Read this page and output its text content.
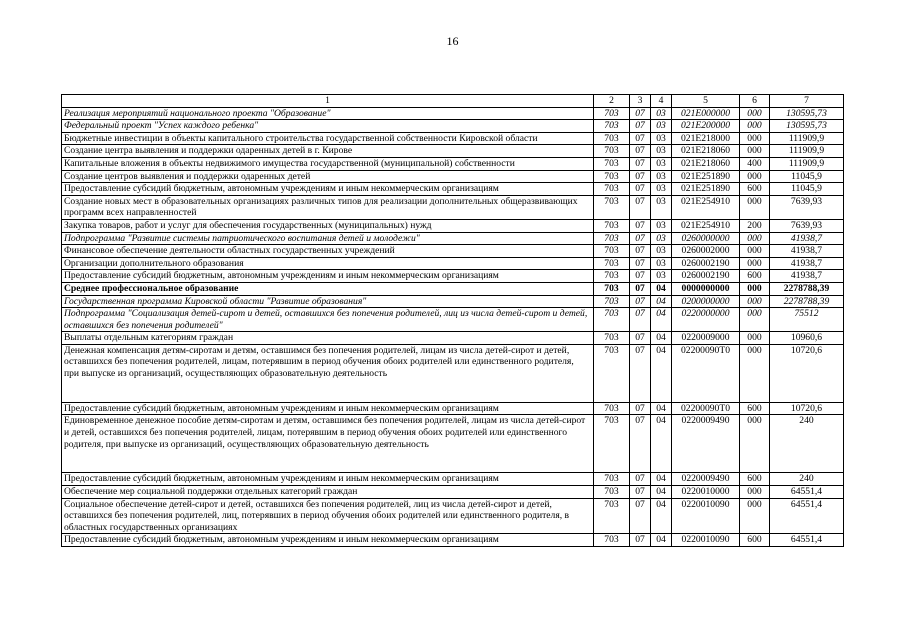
16
1	2	3	4	5	6	7
Реализация мероприятий национального проекта "Образование"	703	07	03	021E000000	000	130595,73
Федеральный проект "Успех каждого ребенка"	703	07	03	021E200000	000	130595,73
Бюджетные инвестиции в объекты капитального строительства государственной собственности Кировской области	703	07	03	021E218000	000	111909,9
Создание центра выявления и поддержки одаренных детей в г. Кирове	703	07	03	021E218060	000	111909,9
Капитальные вложения в объекты недвижимого имущества государственной (муниципальной) собственности	703	07	03	021E218060	400	111909,9
Создание центров выявления и поддержки одаренных детей	703	07	03	021E251890	000	11045,9
Предоставление субсидий бюджетным, автономным учреждениям и иным некоммерческим организациям	703	07	03	021E251890	600	11045,9
Создание новых мест в образовательных организациях различных типов для реализации дополнительных общеразвивающих программ всех направленностей	703	07	03	021E254910	000	7639,93
Закупка товаров, работ и услуг для обеспечения государственных (муниципальных) нужд	703	07	03	021E254910	200	7639,93
Подпрограмма "Развитие системы патриотического воспитания детей и молодежи"	703	07	03	0260000000	000	41938,7
Финансовое обеспечение деятельности областных государственных учреждений	703	07	03	0260002000	000	41938,7
Организации дополнительного образования	703	07	03	0260002190	000	41938,7
Предоставление субсидий бюджетным, автономным учреждениям и иным некоммерческим организациям	703	07	03	0260002190	600	41938,7
Среднее профессиональное образование	703	07	04	0000000000	000	2278788,39
Государственная программа Кировской области "Развитие образования"	703	07	04	0200000000	000	2278788,39
Подпрограмма "Социализация детей-сирот и детей, оставшихся без попечения родителей, лиц из числа детей-сирот и детей, оставшихся без попечения родителей"	703	07	04	0220000000	000	75512
Выплаты отдельным категориям граждан	703	07	04	0220009000	000	10960,6
Денежная компенсация детям-сиротам и детям, оставшимся без попечения родителей, лицам из числа детей-сирот и детей, оставшихся без попечения родителей, лицам, потерявшим в период обучения обоих родителей или единственного родителя, при выпуске из организаций, осуществляющих образовательную деятельность	703	07	04	02200090Т0	000	10720,6
Предоставление субсидий бюджетным, автономным учреждениям и иным некоммерческим организациям	703	07	04	02200090Т0	600	10720,6
Единовременное денежное пособие детям-сиротам и детям, оставшимся без попечения родителей, лицам из числа детей-сирот и детей, оставшихся без попечения родителей, лицам, потерявшим в период обучения обоих родителей или единственного родителя, при выпуске из организаций, осуществляющих образовательную деятельность	703	07	04	0220009490	000	240
Предоставление субсидий бюджетным, автономным учреждениям и иным некоммерческим организациям	703	07	04	0220009490	600	240
Обеспечение мер социальной поддержки отдельных категорий граждан	703	07	04	0220010000	000	64551,4
Социальное обеспечение детей-сирот и детей, оставшихся без попечения родителей, лиц из числа детей-сирот и детей, оставшихся без попечения родителей, лиц, потерявших в период обучения обоих родителей или единственного родителя, в областных государственных организациях	703	07	04	0220010090	000	64551,4
Предоставление субсидий бюджетным, автономным учреждениям и иным некоммерческим организациям	703	07	04	0220010090	600	64551,4
